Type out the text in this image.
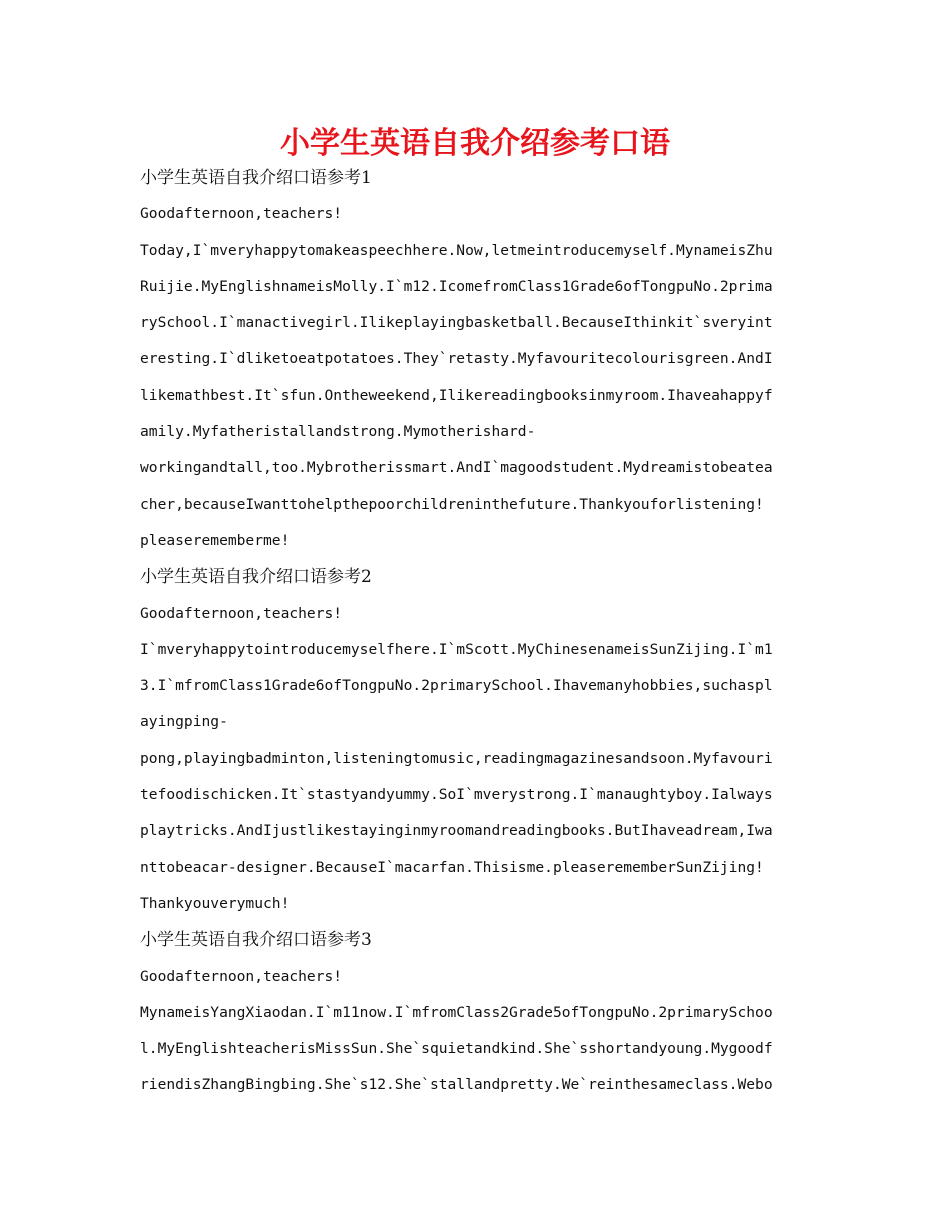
小学生英语自我介绍参考口语
小学生英语自我介绍口语参考1
Goodafternoon,teachers!
Today,I`mveryhappytomakeaspeechhere.Now,letmeintroducemyself.MynameisZhu
Ruijie.MyEnglishnameisMolly.I`m12.IcomefromClass1Grade6ofTongpuNo.2prima
rySchool.I`manactivegirl.Ilikeplayingbasketball.BecauseIthinkit`sveryint
eresting.I`dliketoeatpotatoes.They`retasty.Myfavouritecolourisgreen.AndI
likemathbest.It`sfun.Ontheweekend,Ilikereadingbooksinmyroom.Ihaveahappyf
amily.Myfatheristallandstrong.Mymotherishard-
workingandtall,too.Mybrotherissmart.AndI`magoodstudent.Mydreamistobeatea
cher,becauseIwanttohelpthepoorchildreninthefuture.Thankyouforlistening!
pleaserememberme!
小学生英语自我介绍口语参考2
Goodafternoon,teachers!
I`mveryhappytointroducemyselfhere.I`mScott.MyChinesenameisSunZijing.I`m1
3.I`mfromClass1Grade6ofTongpuNo.2primarySchool.Ihavemanyhobbies,suchaspl
ayingping-
pong,playingbadminton,listeningtomusic,readingmagazinesandsoon.Myfavouri
tefoodischicken.It`stastyandyummy.SoI`mverystrong.I`manaughtyboy.Ialways
playtricks.AndIjustlikestayinginmyroomandreadingbooks.ButIhaveadream,Iwa
nttobeacar-designer.BecauseI`macarfan.Thisisme.pleaserememberSunZijing!
Thankyouverymuch!
小学生英语自我介绍口语参考3
Goodafternoon,teachers!
MynameisYangXiaodan.I`m11now.I`mfromClass2Grade5ofTongpuNo.2primarySchoo
l.MyEnglishteacherisMissSun.She`squietandkind.She`sshortandyoung.Mygoodf
riendisZhangBingbing.She`s12.She`stallandpretty.We`reinthesameclass.Webo
